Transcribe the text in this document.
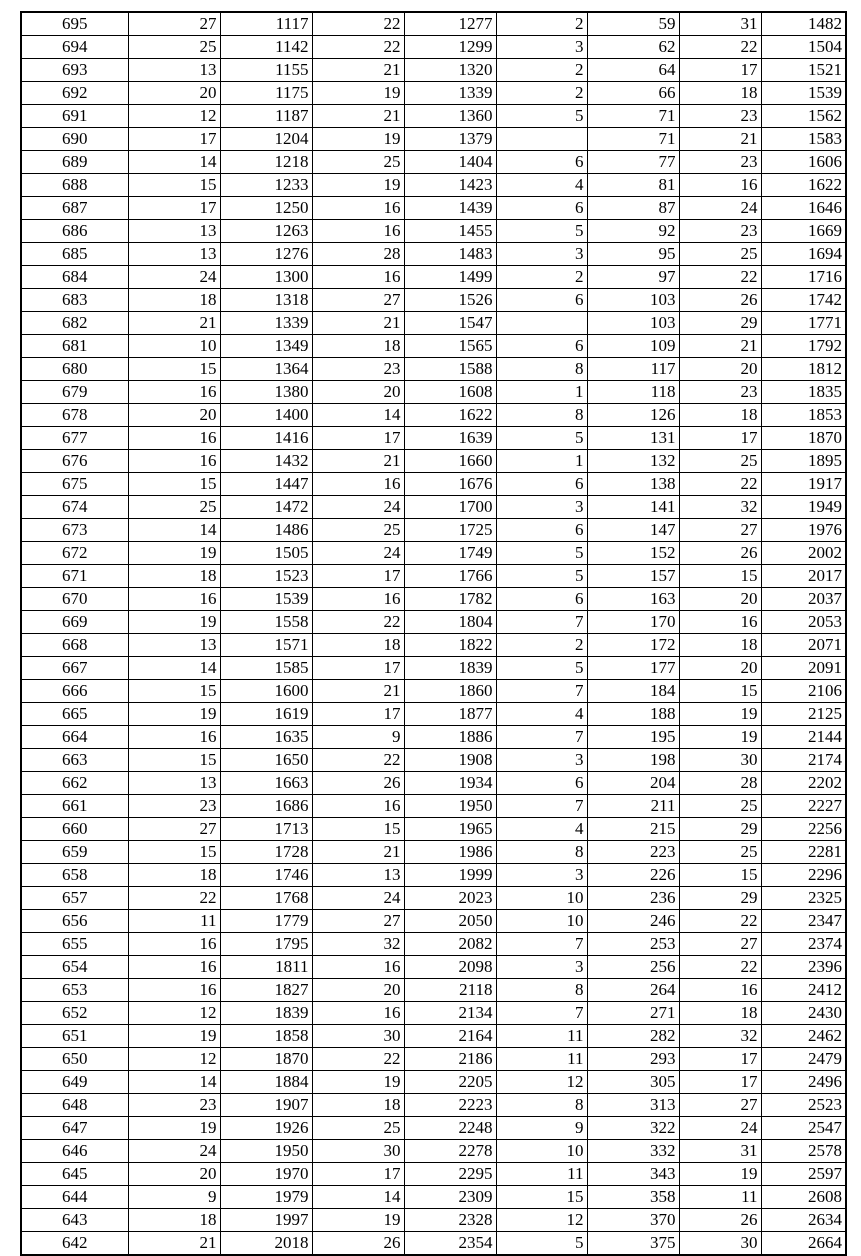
695	27	1117	22	1277	2	59	31	1482
694	25	1142	22	1299	3	62	22	1504
693	13	1155	21	1320	2	64	17	1521
692	20	1175	19	1339	2	66	18	1539
691	12	1187	21	1360	5	71	23	1562
690	17	1204	19	1379		71	21	1583
689	14	1218	25	1404	6	77	23	1606
688	15	1233	19	1423	4	81	16	1622
687	17	1250	16	1439	6	87	24	1646
686	13	1263	16	1455	5	92	23	1669
685	13	1276	28	1483	3	95	25	1694
684	24	1300	16	1499	2	97	22	1716
683	18	1318	27	1526	6	103	26	1742
682	21	1339	21	1547		103	29	1771
681	10	1349	18	1565	6	109	21	1792
680	15	1364	23	1588	8	117	20	1812
679	16	1380	20	1608	1	118	23	1835
678	20	1400	14	1622	8	126	18	1853
677	16	1416	17	1639	5	131	17	1870
676	16	1432	21	1660	1	132	25	1895
675	15	1447	16	1676	6	138	22	1917
674	25	1472	24	1700	3	141	32	1949
673	14	1486	25	1725	6	147	27	1976
672	19	1505	24	1749	5	152	26	2002
671	18	1523	17	1766	5	157	15	2017
670	16	1539	16	1782	6	163	20	2037
669	19	1558	22	1804	7	170	16	2053
668	13	1571	18	1822	2	172	18	2071
667	14	1585	17	1839	5	177	20	2091
666	15	1600	21	1860	7	184	15	2106
665	19	1619	17	1877	4	188	19	2125
664	16	1635	9	1886	7	195	19	2144
663	15	1650	22	1908	3	198	30	2174
662	13	1663	26	1934	6	204	28	2202
661	23	1686	16	1950	7	211	25	2227
660	27	1713	15	1965	4	215	29	2256
659	15	1728	21	1986	8	223	25	2281
658	18	1746	13	1999	3	226	15	2296
657	22	1768	24	2023	10	236	29	2325
656	11	1779	27	2050	10	246	22	2347
655	16	1795	32	2082	7	253	27	2374
654	16	1811	16	2098	3	256	22	2396
653	16	1827	20	2118	8	264	16	2412
652	12	1839	16	2134	7	271	18	2430
651	19	1858	30	2164	11	282	32	2462
650	12	1870	22	2186	11	293	17	2479
649	14	1884	19	2205	12	305	17	2496
648	23	1907	18	2223	8	313	27	2523
647	19	1926	25	2248	9	322	24	2547
646	24	1950	30	2278	10	332	31	2578
645	20	1970	17	2295	11	343	19	2597
644	9	1979	14	2309	15	358	11	2608
643	18	1997	19	2328	12	370	26	2634
642	21	2018	26	2354	5	375	30	2664
